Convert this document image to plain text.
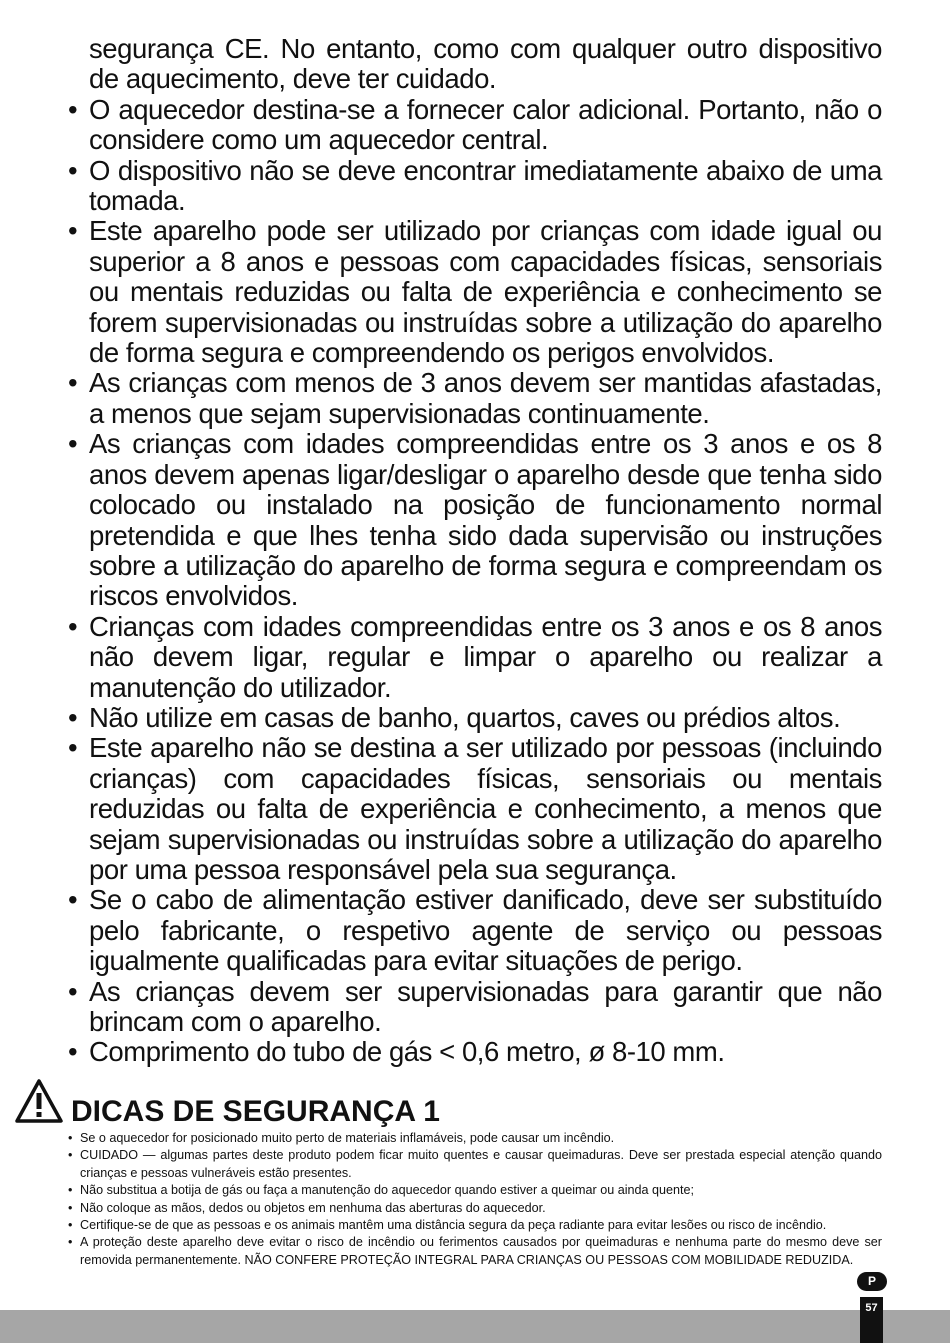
segurança CE. No entanto, como com qualquer outro dispositivo de aquecimento, deve ter cuidado.

• O aquecedor destina-se a fornecer calor adicional. Portanto, não o considere como um aquecedor central.

• O dispositivo não se deve encontrar imediatamente abaixo de uma tomada.

• Este aparelho pode ser utilizado por crianças com idade igual ou superior a 8 anos e pessoas com capacidades físicas, sensoriais ou mentais reduzidas ou falta de experiência e conhecimento se forem supervisionadas ou instruídas sobre a utilização do aparelho de forma segura e compreendendo os perigos envolvidos.

• As crianças com menos de 3 anos devem ser mantidas afastadas, a menos que sejam supervisionadas continuamente.

• As crianças com idades compreendidas entre os 3 anos e os 8 anos devem apenas ligar/desligar o aparelho desde que tenha sido colocado ou instalado na posição de funcionamento normal pretendida e que lhes tenha sido dada supervisão ou instruções sobre a utilização do aparelho de forma segura e compreendam os riscos envolvidos.

• Crianças com idades compreendidas entre os 3 anos e os 8 anos não devem ligar, regular e limpar o aparelho ou realizar a manutenção do utilizador.

• Não utilize em casas de banho, quartos, caves ou prédios altos.

• Este aparelho não se destina a ser utilizado por pessoas (incluindo crianças) com capacidades físicas, sensoriais ou mentais reduzidas ou falta de experiência e conhecimento, a menos que sejam supervisionadas ou instruídas sobre a utilização do aparelho por uma pessoa responsável pela sua segurança.

• Se o cabo de alimentação estiver danificado, deve ser substituído pelo fabricante, o respetivo agente de serviço ou pessoas igualmente qualificadas para evitar situações de perigo.

• As crianças devem ser supervisionadas para garantir que não brincam com o aparelho.

• Comprimento do tubo de gás < 0,6 metro, ø 8-10 mm.

DICAS DE SEGURANÇA 1

• Se o aquecedor for posicionado muito perto de materiais inflamáveis, pode causar um incêndio.

• CUIDADO — algumas partes deste produto podem ficar muito quentes e causar queimaduras. Deve ser prestada especial atenção quando crianças e pessoas vulneráveis estão presentes.

• Não substitua a botija de gás ou faça a manutenção do aquecedor quando estiver a queimar ou ainda quente;

• Não coloque as mãos, dedos ou objetos em nenhuma das aberturas do aquecedor.

• Certifique-se de que as pessoas e os animais mantêm uma distância segura da peça radiante para evitar lesões ou risco de incêndio.

• A proteção deste aparelho deve evitar o risco de incêndio ou ferimentos causados por queimaduras e nenhuma parte do mesmo deve ser removida permanentemente. NÃO CONFERE PROTEÇÃO INTEGRAL PARA CRIANÇAS OU PESSOAS COM MOBILIDADE REDUZIDA.

P
57
